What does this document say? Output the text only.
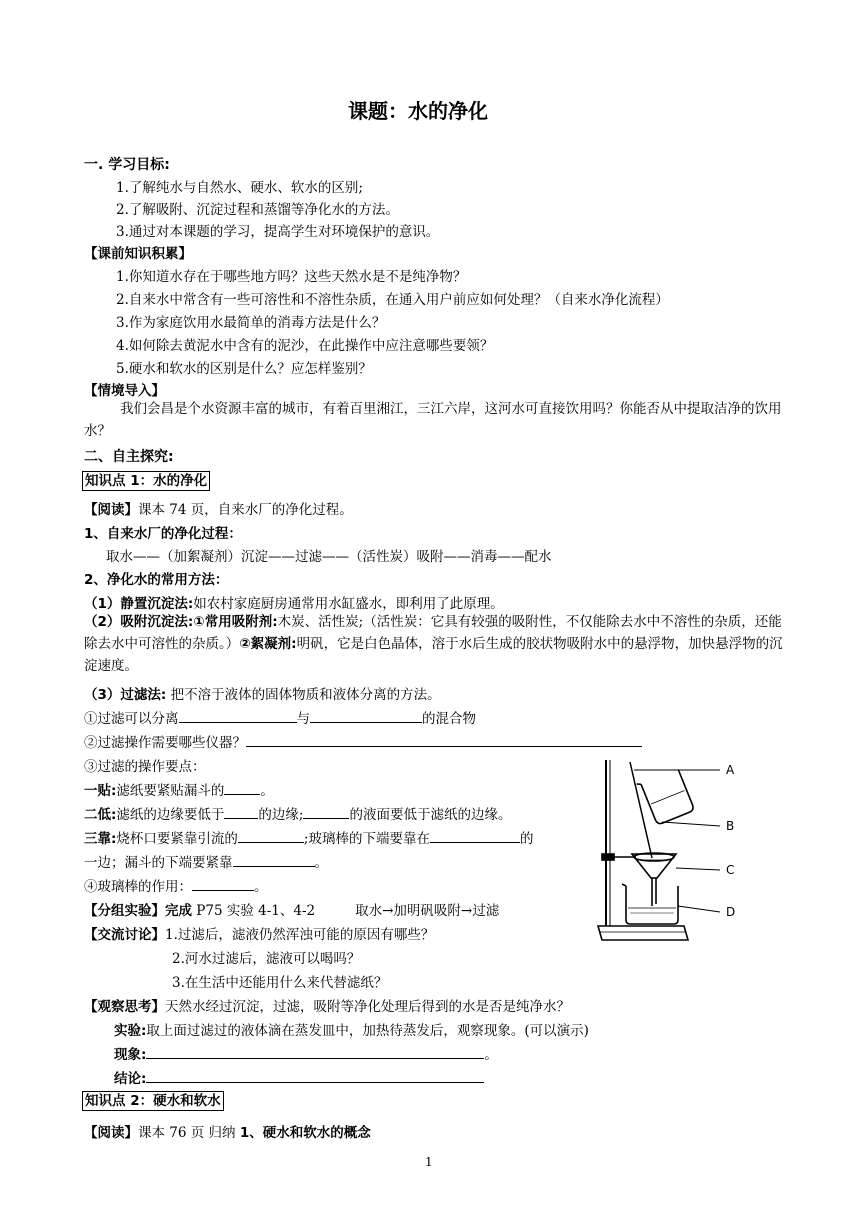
课题：水的净化
一. 学习目标:
1.了解纯水与自然水、硬水、软水的区别;
2.了解吸附、沉淀过程和蒸馏等净化水的方法。
3.通过对本课题的学习，提高学生对环境保护的意识。
【课前知识积累】
1.你知道水存在于哪些地方吗？这些天然水是不是纯净物？
2.自来水中常含有一些可溶性和不溶性杂质，在通入用户前应如何处理？（自来水净化流程）
3.作为家庭饮用水最简单的消毒方法是什么？
4.如何除去黄泥水中含有的泥沙，在此操作中应注意哪些要领？
5.硬水和软水的区别是什么？应怎样鉴别？
【情境导入】
我们会昌是个水资源丰富的城市，有着百里湘江，三江六岸，这河水可直接饮用吗？你能否从中提取洁净的饮用水？
二、自主探究:
知识点 1：水的净化
【阅读】课本 74 页，自来水厂的净化过程。
1、自来水厂的净化过程：
取水——（加絮凝剂）沉淀——过滤——（活性炭）吸附——消毒——配水
2、净化水的常用方法：
（1）静置沉淀法:如农村家庭厨房通常用水缸盛水，即利用了此原理。
（2）吸附沉淀法:①常用吸附剂:木炭、活性炭;（活性炭：它具有较强的吸附性，不仅能除去水中不溶性的杂质，还能除去水中可溶性的杂质。）②絮凝剂:明矾，它是白色晶体，溶于水后生成的胶状物吸附水中的悬浮物，加快悬浮物的沉淀速度。
（3）过滤法: 把不溶于液体的固体物质和液体分离的方法。
①过滤可以分离	与	的混合物
②过滤操作需要哪些仪器？
③过滤的操作要点：
一贴:滤纸要紧贴漏斗的	。
二低:滤纸的边缘要低于	的边缘;	的液面要低于滤纸的边缘。
三靠:烧杯口要紧靠引流的	;玻璃棒的下端要靠在	的
一边；漏斗的下端要紧靠	。
④玻璃棒的作用：	。
【分组实验】完成 P75 实验 4-1、4-2	取水→加明矾吸附→过滤
【交流讨论】1.过滤后，滤液仍然浑浊可能的原因有哪些？
2.河水过滤后，滤液可以喝吗？
3.在生活中还能用什么来代替滤纸？
【观察思考】天然水经过沉淀，过滤，吸附等净化处理后得到的水是否是纯净水？
实验:取上面过滤过的液体滴在蒸发皿中，加热待蒸发后，观察现象。(可以演示)
现象:	。
结论:
知识点 2：硬水和软水
【阅读】课本 76 页 归纳 1、硬水和软水的概念
1
A
B
C
D
